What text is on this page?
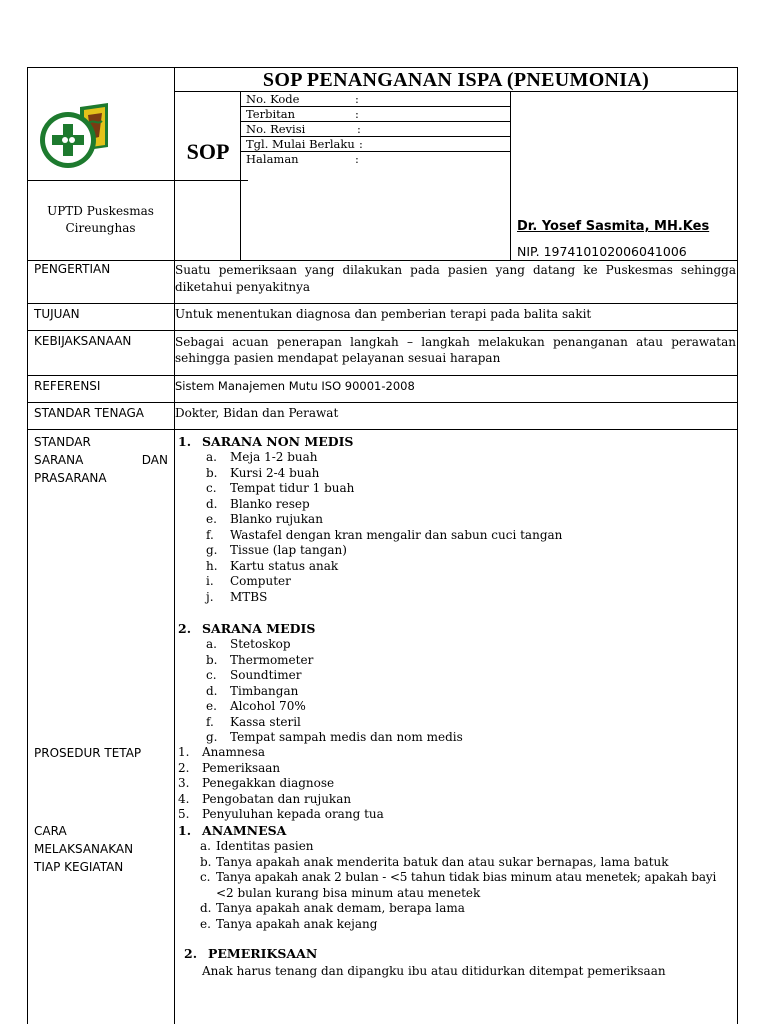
SOP PENANGANAN ISPA (PNEUMONIA)
SOP
No. Kode	:
Terbitan	:
No. Revisi	:
Tgl. Mulai Berlaku :
Halaman	:
UPTD Puskesmas
Cireunghas	Dr. Yosef Sasmita, MH.Kes
NIP. 197410102006041006
PENGERTIAN	Suatu pemeriksaan yang dilakukan pada pasien yang datang ke Puskesmas sehingga diketahui penyakitnya
TUJUAN	Untuk menentukan diagnosa dan pemberian terapi pada balita sakit
KEBIJAKSANAAN	Sebagai acuan penerapan langkah – langkah melakukan penanganan atau perawatan sehingga pasien mendapat pelayanan sesuai harapan
REFERENSI	Sistem Manajemen Mutu ISO 90001-2008
STANDAR TENAGA	Dokter, Bidan dan Perawat
STANDAR
SARANA	DAN
PRASARANA
1. SARANA NON MEDIS
a. Meja 1-2 buah
b. Kursi 2-4 buah
c. Tempat tidur 1 buah
d. Blanko resep
e. Blanko rujukan
f. Wastafel dengan kran mengalir dan sabun cuci tangan
g. Tissue (lap tangan)
h. Kartu status anak
i. Computer
j. MTBS
2. SARANA MEDIS
a. Stetoskop
b. Thermometer
c. Soundtimer
d. Timbangan
e. Alcohol 70%
f. Kassa steril
g. Tempat sampah medis dan nom medis
PROSEDUR TETAP	1. Anamnesa
2. Pemeriksaan
3. Penegakkan diagnose
4. Pengobatan dan rujukan
5. Penyuluhan kepada orang tua
CARA
MELAKSANAKAN
TIAP KEGIATAN
1. ANAMNESA
a. Identitas pasien
b. Tanya apakah anak menderita batuk dan atau sukar bernapas, lama batuk
c. Tanya apakah anak 2 bulan - <5 tahun tidak bias minum atau menetek; apakah bayi
<2 bulan kurang bisa minum atau menetek
d. Tanya apakah anak demam, berapa lama
e. Tanya apakah anak kejang
2. PEMERIKSAAN
Anak harus tenang dan dipangku ibu atau ditidurkan ditempat pemeriksaan
